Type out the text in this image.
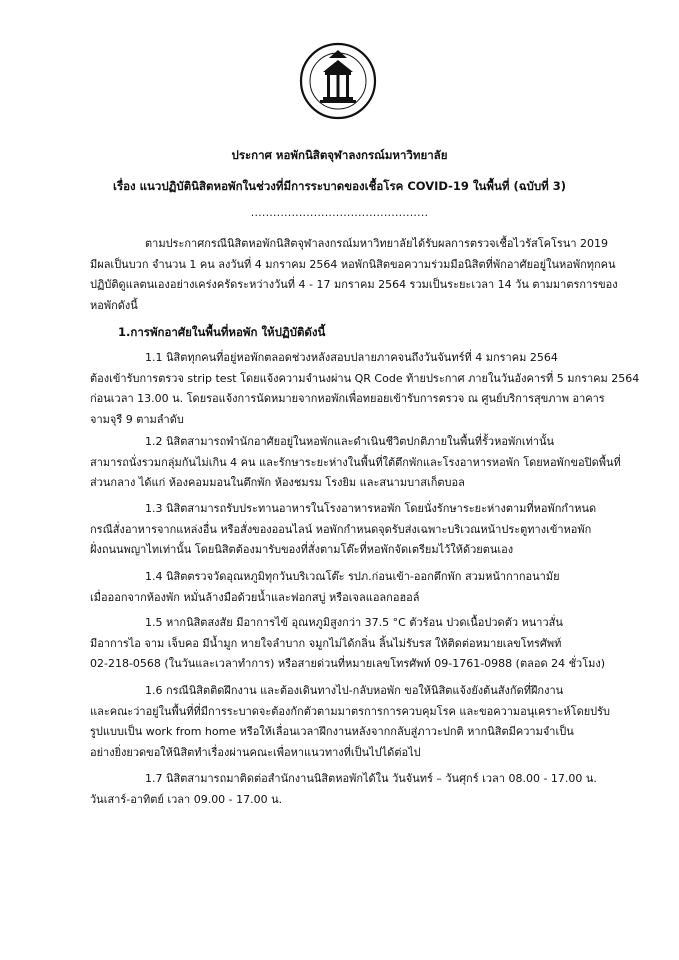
ประกาศ หอพักนิสิตจุฬาลงกรณ์มหาวิทยาลัย
เรื่อง แนวปฏิบัตินิสิตหอพักในช่วงที่มีการระบาดของเชื้อโรค COVID-19 ในพื้นที่ (ฉบับที่ 3)
................................................
ตามประกาศกรณีนิสิตหอพักนิสิตจุฬาลงกรณ์มหาวิทยาลัยได้รับผลการตรวจเชื้อไวรัสโคโรนา 2019
มีผลเป็นบวก จำนวน 1 คน ลงวันที่ 4 มกราคม 2564 หอพักนิสิตขอความร่วมมือนิสิตที่พักอาศัยอยู่ในหอพักทุกคน
ปฏิบัติดูแลตนเองอย่างเคร่งครัดระหว่างวันที่ 4 - 17 มกราคม 2564 รวมเป็นระยะเวลา 14 วัน ตามมาตรการของ
หอพักดังนี้
1.การพักอาศัยในพื้นที่หอพัก ให้ปฏิบัติดังนี้
1.1 นิสิตทุกคนที่อยู่หอพักตลอดช่วงหลังสอบปลายภาคจนถึงวันจันทร์ที่ 4 มกราคม 2564
ต้องเข้ารับการตรวจ strip test โดยแจ้งความจำนงผ่าน QR Code ท้ายประกาศ ภายในวันอังคารที่ 5 มกราคม 2564
ก่อนเวลา 13.00 น. โดยรอแจ้งการนัดหมายจากหอพักเพื่อทยอยเข้ารับการตรวจ ณ ศูนย์บริการสุขภาพ อาคาร
จามจุรี 9 ตามลำดับ
1.2 นิสิตสามารถพำนักอาศัยอยู่ในหอพักและดำเนินชีวิตปกติภายในพื้นที่รั้วหอพักเท่านั้น
สามารถนั่งรวมกลุ่มกันไม่เกิน 4 คน และรักษาระยะห่างในพื้นที่ใต้ตึกพักและโรงอาหารหอพัก โดยหอพักขอปิดพื้นที่
ส่วนกลาง ได้แก่ ห้องคอมมอนในตึกพัก ห้องชมรม โรงยิม และสนามบาสเก็ตบอล
1.3 นิสิตสามารถรับประทานอาหารในโรงอาหารหอพัก โดยนั่งรักษาระยะห่างตามที่หอพักกำหนด
กรณีสั่งอาหารจากแหล่งอื่น หรือสั่งของออนไลน์ หอพักกำหนดจุดรับส่งเฉพาะบริเวณหน้าประตูทางเข้าหอพัก
ฝั่งถนนพญาไทเท่านั้น โดยนิสิตต้องมารับของที่สั่งตามโต๊ะที่หอพักจัดเตรียมไว้ให้ด้วยตนเอง
1.4 นิสิตตรวจวัดอุณหภูมิทุกวันบริเวณโต๊ะ รปภ.ก่อนเข้า-ออกตึกพัก สวมหน้ากากอนามัย
เมื่อออกจากห้องพัก หมั่นล้างมือด้วยน้ำและฟอกสบู่ หรือเจลแอลกอฮอล์
1.5 หากนิสิตสงสัย มีอาการไข้ อุณหภูมิสูงกว่า 37.5 °C ตัวร้อน ปวดเนื้อปวดตัว หนาวสั่น
มีอาการไอ จาม เจ็บคอ มีน้ำมูก หายใจลำบาก จมูกไม่ได้กลิ่น ลิ้นไม่รับรส ให้ติดต่อหมายเลขโทรศัพท์
02-218-0568 (ในวันและเวลาทำการ) หรือสายด่วนที่หมายเลขโทรศัพท์ 09-1761-0988 (ตลอด 24 ชั่วโมง)
1.6 กรณีนิสิตติดฝึกงาน และต้องเดินทางไป-กลับหอพัก ขอให้นิสิตแจ้งยังต้นสังกัดที่ฝึกงาน
และคณะว่าอยู่ในพื้นที่ที่มีการระบาดจะต้องกักตัวตามมาตรการการควบคุมโรค และขอความอนุเคราะห์โดยปรับ
รูปแบบเป็น work from home หรือให้เลื่อนเวลาฝึกงานหลังจากกลับสู่ภาวะปกติ หากนิสิตมีความจำเป็น
อย่างยิ่งยวดขอให้นิสิตทำเรื่องผ่านคณะเพื่อหาแนวทางที่เป็นไปได้ต่อไป
1.7 นิสิตสามารถมาติดต่อสำนักงานนิสิตหอพักได้ใน วันจันทร์ – วันศุกร์ เวลา 08.00 - 17.00 น.
วันเสาร์-อาทิตย์ เวลา 09.00 - 17.00 น.
